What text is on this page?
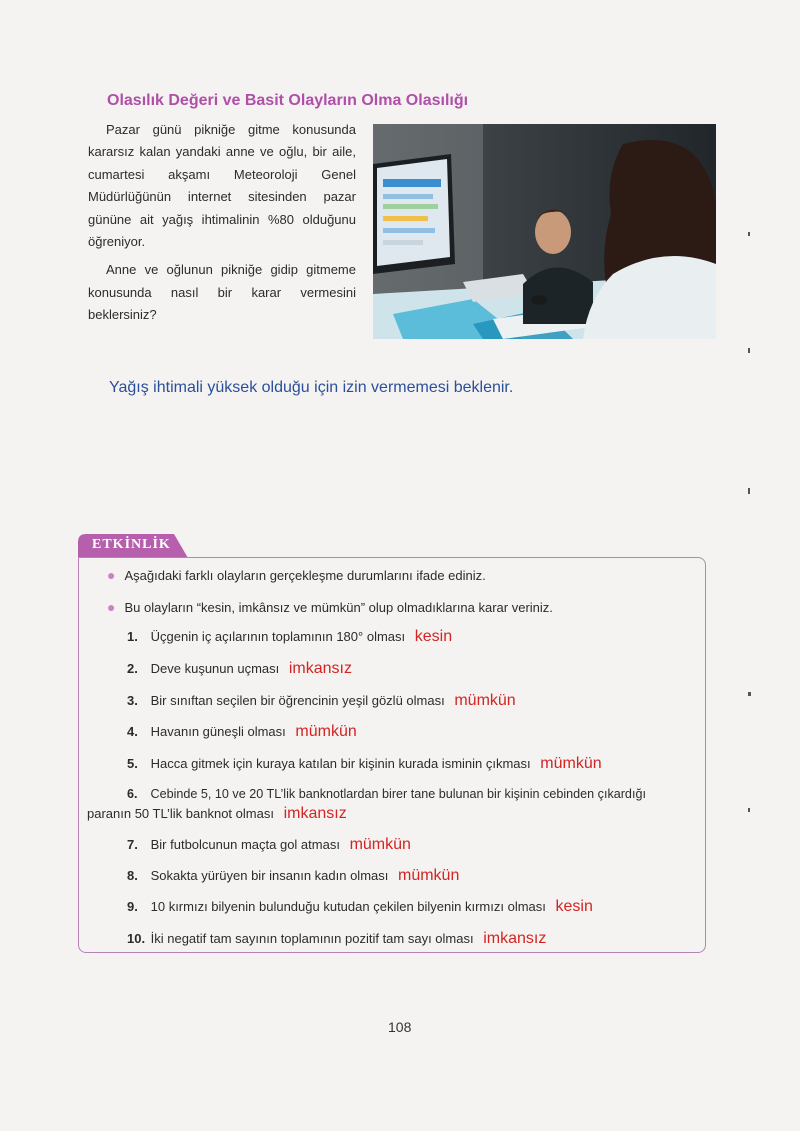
Olasılık Değeri ve Basit Olayların Olma Olasılığı

Pazar günü pikniğe gitme konusunda kararsız kalan yandaki anne ve oğlu, bir aile, cumartesi akşamı Meteoroloji Genel Müdürlüğünün internet sitesinden pazar gününe ait yağış ihtimalinin %80 olduğunu öğreniyor.

Anne ve oğlunun pikniğe gidip gitmeme konusunda nasıl bir karar vermesini beklersiniz?

Yağış ihtimali yüksek olduğu için izin vermemesi beklenir.
ETKİNLİK
● Aşağıdaki farklı olayların gerçekleşme durumlarını ifade ediniz.
● Bu olayların “kesin, imkânsız ve mümkün” olup olmadıklarına karar veriniz.
1. Üçgenin iç açılarının toplamının 180° olması kesin
2. Deve kuşunun uçması imkansız
3. Bir sınıftan seçilen bir öğrencinin yeşil gözlü olması mümkün
4. Havanın güneşli olması mümkün
5. Hacca gitmek için kuraya katılan bir kişinin kurada isminin çıkması mümkün
6. Cebinde 5, 10 ve 20 TL’lik banknotlardan birer tane bulunan bir kişinin cebinden çıkardığı
paranın 50 TL’lik banknot olması imkansız
7. Bir futbolcunun maçta gol atması mümkün
8. Sokakta yürüyen bir insanın kadın olması mümkün
9. 10 kırmızı bilyenin bulunduğu kutudan çekilen bilyenin kırmızı olması kesin
10. İki negatif tam sayının toplamının pozitif tam sayı olması imkansız
108
